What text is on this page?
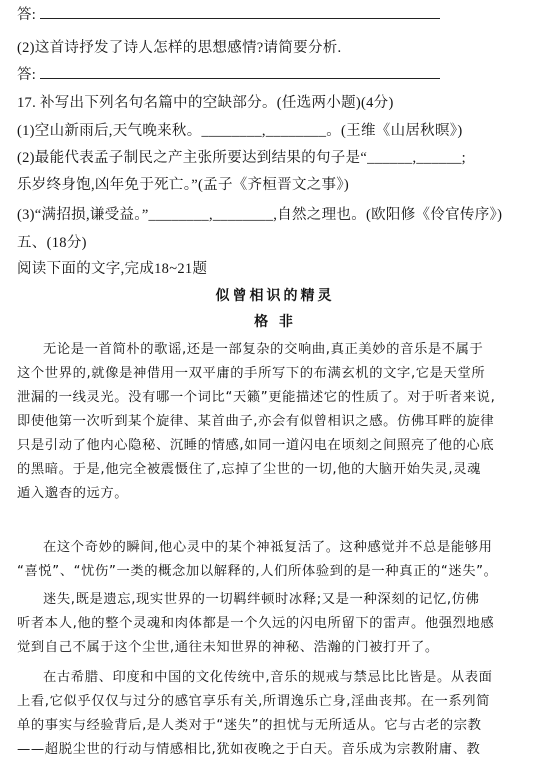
答:
(2)这首诗抒发了诗人怎样的思想感情?请简要分析.
答:
17. 补写出下列名句名篇中的空缺部分。(任选两小题)(4分)
(1)空山新雨后,天气晚来秋。________,________。(王维《山居秋暝》)
(2)最能代表孟子制民之产主张所要达到结果的句子是“______,______;
乐岁终身饱,凶年免于死亡。”(孟子《齐桓晋文之事》)
(3)“满招损,谦受益。”________,________,自然之理也。(欧阳修《伶官传序》)
五、(18分)
阅读下面的文字,完成18~21题
似曾相识的精灵
格 非
无论是一首简朴的歌谣,还是一部复杂的交响曲,真正美妙的音乐是不属于
这个世界的,就像是神借用一双平庸的手所写下的布满玄机的文字,它是天堂所
泄漏的一线灵光。没有哪一个词比“天籁”更能描述它的性质了。对于听者来说,
即使他第一次听到某个旋律、某首曲子,亦会有似曾相识之感。仿佛耳畔的旋律
只是引动了他内心隐秘、沉睡的情感,如同一道闪电在顷刻之间照亮了他的心底
的黑暗。于是,他完全被震慑住了,忘掉了尘世的一切,他的大脑开始失灵,灵魂
遁入邈杳的远方。
在这个奇妙的瞬间,他心灵中的某个神祗复活了。这种感觉并不总是能够用
“喜悦”、“忧伤”一类的概念加以解释的,人们所体验到的是一种真正的“迷失”。
迷失,既是遗忘,现实世界的一切羁绊顿时冰释;又是一种深刻的记忆,仿佛
听者本人,他的整个灵魂和肉体都是一个久远的闪电所留下的雷声。他强烈地感
觉到自己不属于这个尘世,通往未知世界的神秘、浩瀚的门被打开了。
在古希腊、印度和中国的文化传统中,音乐的规戒与禁忌比比皆是。从表面
上看,它似乎仅仅与过分的感官享乐有关,所谓逸乐亡身,淫曲丧邦。在一系列简
单的事实与经验背后,是人类对于“迷失”的担忧与无所适从。它与古老的宗教
——超脱尘世的行动与情感相比,犹如夜晚之于白天。音乐成为宗教附庸、教
